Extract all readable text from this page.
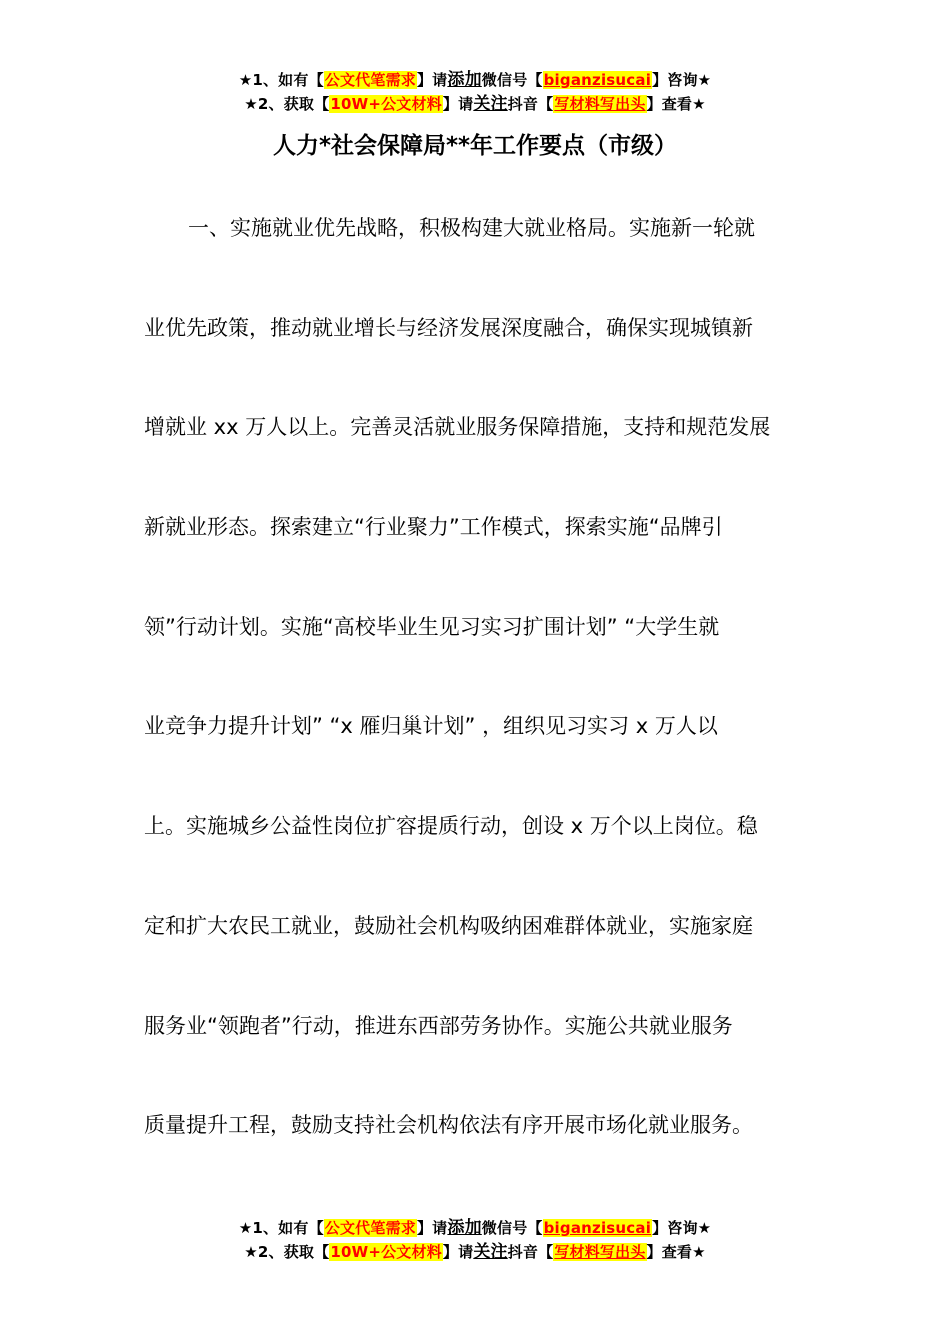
★1、如有【公文代笔需求】请添加微信号【biganzisucai】咨询★
★2、获取【10W+公文材料】请关注抖音【写材料写出头】查看★
人力*社会保障局**年工作要点（市级）
一、实施就业优先战略，积极构建大就业格局。实施新一轮就
业优先政策，推动就业增长与经济发展深度融合，确保实现城镇新
增就业 xx 万人以上。完善灵活就业服务保障措施，支持和规范发展
新就业形态。探索建立“行业聚力”工作模式，探索实施“品牌引
领”行动计划。实施“高校毕业生见习实习扩围计划” “大学生就
业竞争力提升计划” “x 雁归巢计划” ，组织见习实习 x 万人以
上。实施城乡公益性岗位扩容提质行动，创设 x 万个以上岗位。稳
定和扩大农民工就业，鼓励社会机构吸纳困难群体就业，实施家庭
服务业“领跑者”行动，推进东西部劳务协作。实施公共就业服务
质量提升工程，鼓励支持社会机构依法有序开展市场化就业服务。
★1、如有【公文代笔需求】请添加微信号【biganzisucai】咨询★
★2、获取【10W+公文材料】请关注抖音【写材料写出头】查看★
